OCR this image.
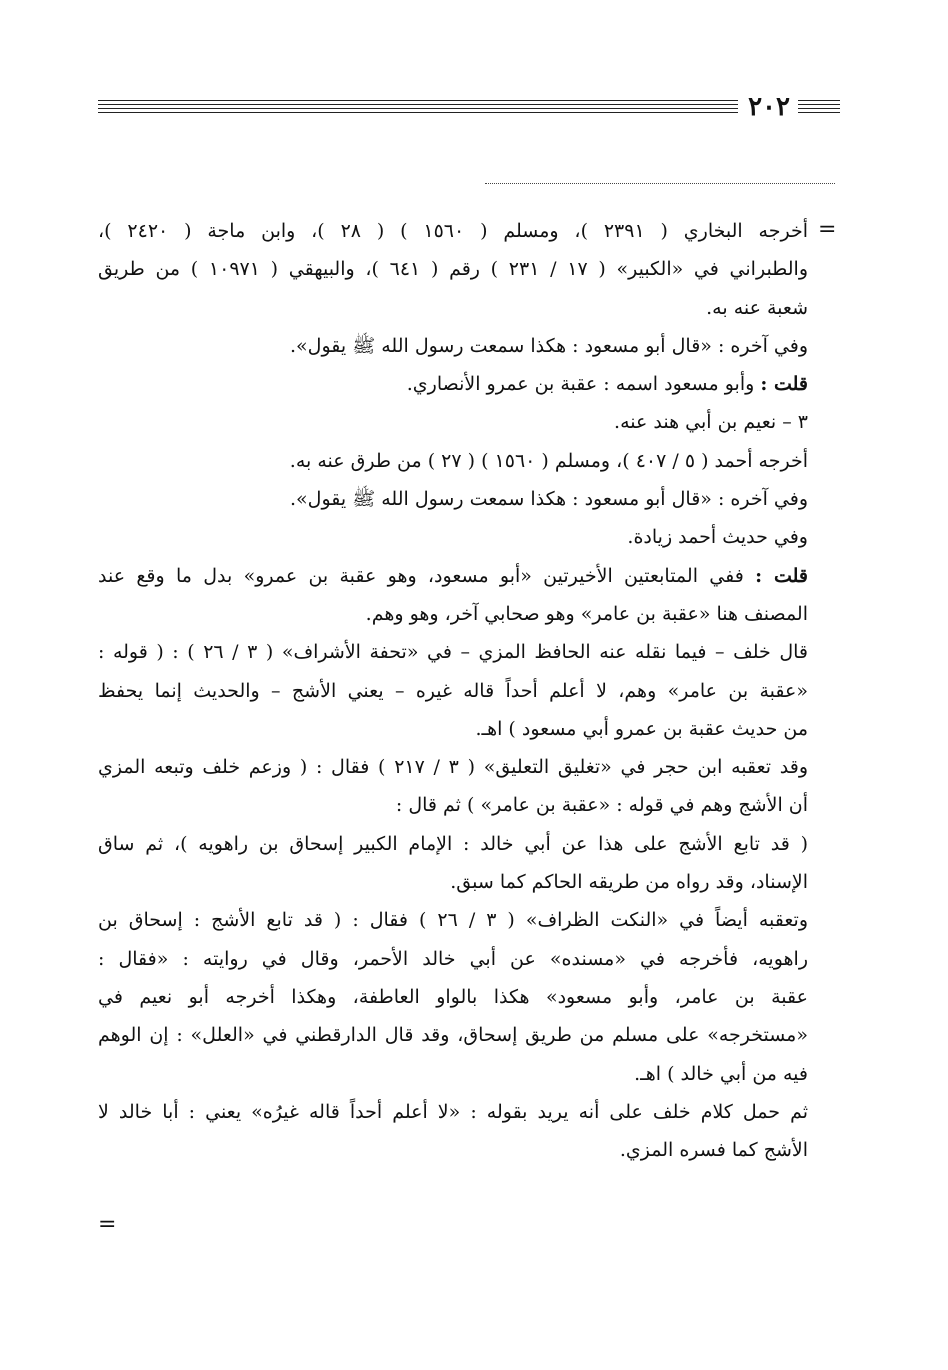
٢٠٢
=
أخرجه البخاري ( ٢٣٩١ )، ومسلم ( ١٥٦٠ ) ( ٢٨ )، وابن ماجة ( ٢٤٢٠ )،
والطبراني في «الكبير» ( ١٧ / ٢٣١ ) رقم ( ٦٤١ )، والبيهقي ( ١٠٩٧١ ) من طريق
شعبة عنه به.
وفي آخره : «قال أبو مسعود : هكذا سمعت رسول الله ﷺ يقول».
قلت : وأبو مسعود اسمه : عقبة بن عمرو الأنصاري.
٣ – نعيم بن أبي هند عنه.
أخرجه أحمد ( ٥ / ٤٠٧ )، ومسلم ( ١٥٦٠ ) ( ٢٧ ) من طرق عنه به.
وفي آخره : «قال أبو مسعود : هكذا سمعت رسول الله ﷺ يقول».
وفي حديث أحمد زيادة.
قلت : ففي المتابعتين الأخيرتين «أبو مسعود، وهو عقبة بن عمرو» بدل ما وقع عند
المصنف هنا «عقبة بن عامر» وهو صحابي آخر، وهو وهم.
قال خلف – فيما نقله عنه الحافظ المزي – في «تحفة الأشراف» ( ٣ / ٢٦ ) : ( قوله :
«عقبة بن عامر» وهم، لا أعلم أحداً قاله غيره – يعني الأشج – والحديث إنما يحفظ
من حديث عقبة بن عمرو أبي مسعود ) اهـ.
وقد تعقبه ابن حجر في «تغليق التعليق» ( ٣ / ٢١٧ ) فقال : ( وزعم خلف وتبعه المزي
أن الأشج وهم في قوله : «عقبة بن عامر» ) ثم قال :
( قد تابع الأشج على هذا عن أبي خالد : الإمام الكبير إسحاق بن راهويه )، ثم ساق
الإسناد، وقد رواه من طريقه الحاكم كما سبق.
وتعقبه أيضاً في «النكت الظراف» ( ٣ / ٢٦ ) فقال : ( قد تابع الأشج : إسحاق بن
راهويه، فأخرجه في «مسنده» عن أبي خالد الأحمر، وقال في روايته : «فقال :
عقبة بن عامر، وأبو مسعود» هكذا بالواو العاطفة، وهكذا أخرجه أبو نعيم في
«مستخرجه» على مسلم من طريق إسحاق، وقد قال الدارقطني في «العلل» : إن الوهم
فيه من أبي خالد ) اهـ.
ثم حمل كلام خلف على أنه يريد بقوله : «لا أعلم أحداً قاله غيرُه» يعني : أبا خالد لا
الأشج كما فسره المزي.
=
